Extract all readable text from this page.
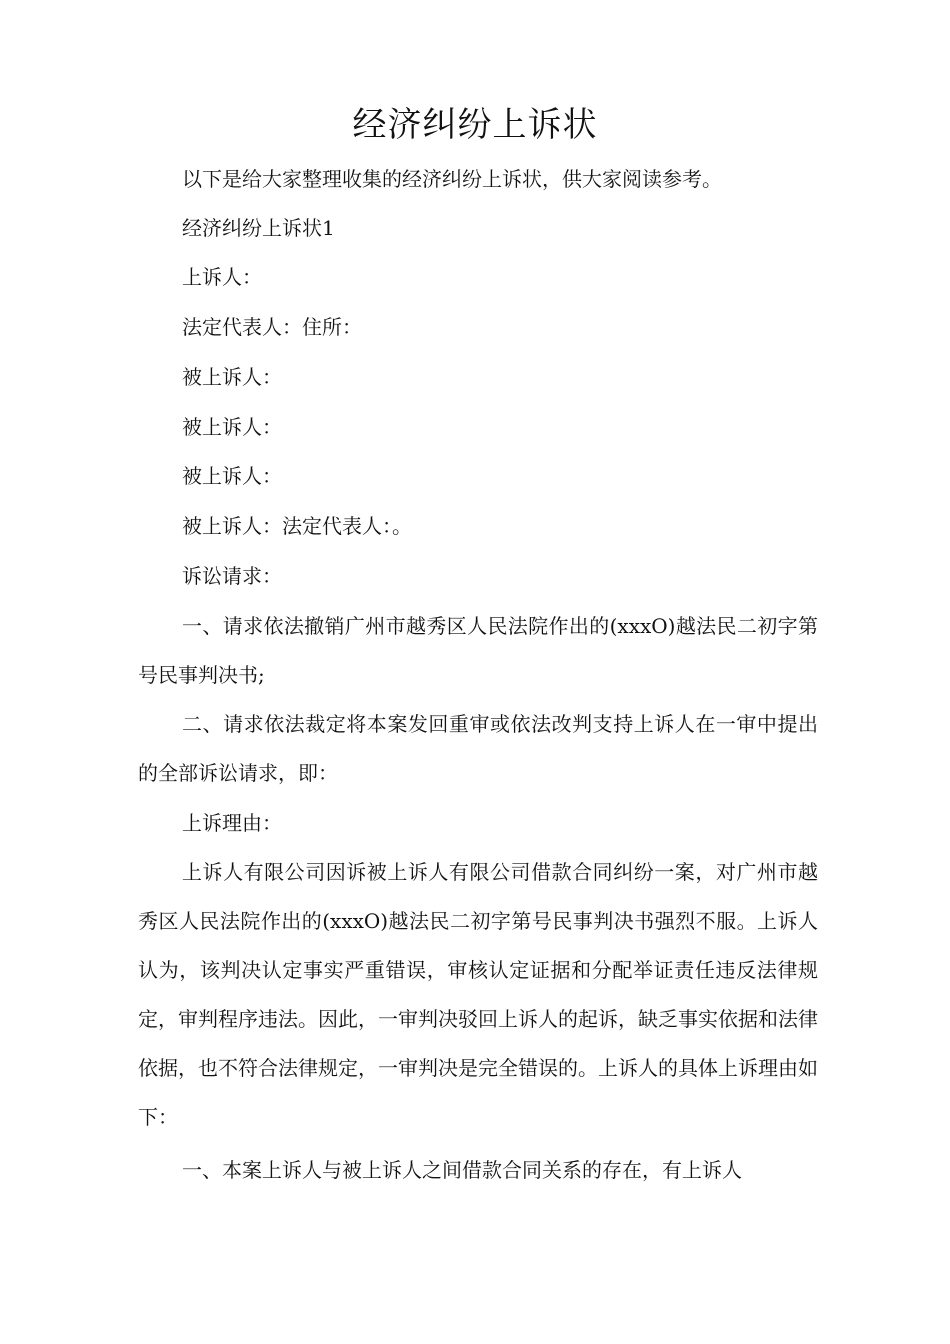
经济纠纷上诉状

以下是给大家整理收集的经济纠纷上诉状，供大家阅读参考。

经济纠纷上诉状1

上诉人：

法定代表人：住所：

被上诉人：

被上诉人：

被上诉人：

被上诉人：法定代表人：。

诉讼请求：

一、请求依法撤销广州市越秀区人民法院作出的(xxxO)越法民二初字第号民事判决书;

二、请求依法裁定将本案发回重审或依法改判支持上诉人在一审中提出的全部诉讼请求，即：

上诉理由：

上诉人有限公司因诉被上诉人有限公司借款合同纠纷一案，对广州市越秀区人民法院作出的(xxxO)越法民二初字第号民事判决书强烈不服。上诉人认为，该判决认定事实严重错误，审核认定证据和分配举证责任违反法律规定，审判程序违法。因此，一审判决驳回上诉人的起诉，缺乏事实依据和法律依据，也不符合法律规定，一审判决是完全错误的。上诉人的具体上诉理由如下：

一、本案上诉人与被上诉人之间借款合同关系的存在，有上诉人
